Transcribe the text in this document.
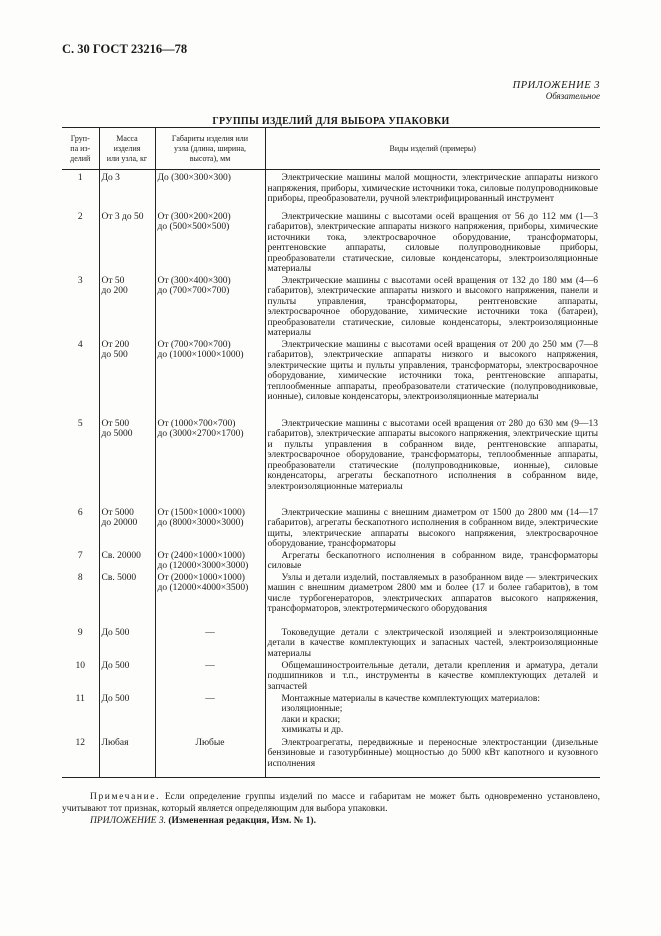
С. 30 ГОСТ 23216—78
ПРИЛОЖЕНИЕ 3
Обязательное
ГРУППЫ ИЗДЕЛИЙ ДЛЯ ВЫБОРА УПАКОВКИ
Груп-
па из-
делий	Масса
изделия
или узла, кг	Габариты изделия или
узла (длина, ширина,
высота), мм	Виды изделий (примеры)
1	До 3	До (300×300×300)	Электрические машины малой мощности, электрические аппараты низкого напряжения, приборы, химические источники тока, силовые полупроводниковые приборы, преобразователи, ручной электрифицированный инструмент

2	От 3 до 50	От (300×200×200)
до (500×500×500)	Электрические машины с высотами осей вращения от 56 до 112 мм (1—3 габаритов), электрические аппараты низкого напряжения, приборы, химические источники тока, электросварочное оборудование, трансформаторы, рентгеновские аппараты, силовые полупроводниковые приборы, преобразователи статические, силовые конденсаторы, электроизоляционные материалы

3	От 50
до 200	От (300×400×300)
до (700×700×700)	Электрические машины с высотами осей вращения от 132 до 180 мм (4—6 габаритов), электрические аппараты низкого и высокого напряжения, панели и пульты управления, трансформаторы, рентгеновские аппараты, электросварочное оборудование, химические источники тока (батареи), преобразователи статические, силовые конденсаторы, электроизоляционные материалы

4	От 200
до 500	От (700×700×700)
до (1000×1000×1000)	Электрические машины с высотами осей вращения от 200 до 250 мм (7—8 габаритов), электрические аппараты низкого и высокого напряжения, электрические щиты и пульты управления, трансформаторы, электросварочное оборудование, химические источники тока, рентгеновские аппараты, теплообменные аппараты, преобразователи статические (полупроводниковые, ионные), силовые конденсаторы, электроизоляционные материалы

5	От 500
до 5000	От (1000×700×700)
до (3000×2700×1700)	Электрические машины с высотами осей вращения от 280 до 630 мм (9—13 габаритов), электрические аппараты высокого напряжения, электрические щиты и пульты управления в собранном виде, рентгеновские аппараты, электросварочное оборудование, трансформаторы, теплообменные аппараты, преобразователи статические (полупроводниковые, ионные), силовые конденсаторы, агрегаты бескапотного исполнения в собранном виде, электроизоляционные материалы

6	От 5000
до 20000	От (1500×1000×1000)
до (8000×3000×3000)	Электрические машины с внешним диаметром от 1500 до 2800 мм (14—17 габаритов), агрегаты бескапотного исполнения в собранном виде, электрические щиты, электрические аппараты высокого напряжения, электросварочное оборудование, трансформаторы

7	Св. 20000	От (2400×1000×1000)
до (12000×3000×3000)	Агрегаты бескапотного исполнения в собранном виде, трансформаторы силовые

8	Св. 5000	От (2000×1000×1000)
до (12000×4000×3500)	Узлы и детали изделий, поставляемых в разобранном виде — электрических машин с внешним диаметром 2800 мм и более (17 и более габаритов), в том числе турбогенераторов, электрических аппаратов высокого напряжения, трансформаторов, электротермического оборудования

9	До 500	—	Токоведущие детали с электрической изоляцией и электроизоляционные детали в качестве комплектующих и запасных частей, электроизоляционные материалы

10	До 500	—	Общемашиностроительные детали, детали крепления и арматура, детали подшипников и т.п., инструменты в качестве комплектующих деталей и запчастей

11	До 500	—	Монтажные материалы в качестве комплектующих материалов:
изоляционные;
лаки и краски;
химикаты и др.

12	Любая	Любые	Электроагрегаты, передвижные и переносные электростанции (дизельные бензиновые и газотурбинные) мощностью до 5000 кВт капотного и кузовного исполнения
Примечание. Если определение группы изделий по массе и габаритам не может быть одновременно установлено, учитывают тот признак, который является определяющим для выбора упаковки.
ПРИЛОЖЕНИЕ 3. (Измененная редакция, Изм. № 1).
